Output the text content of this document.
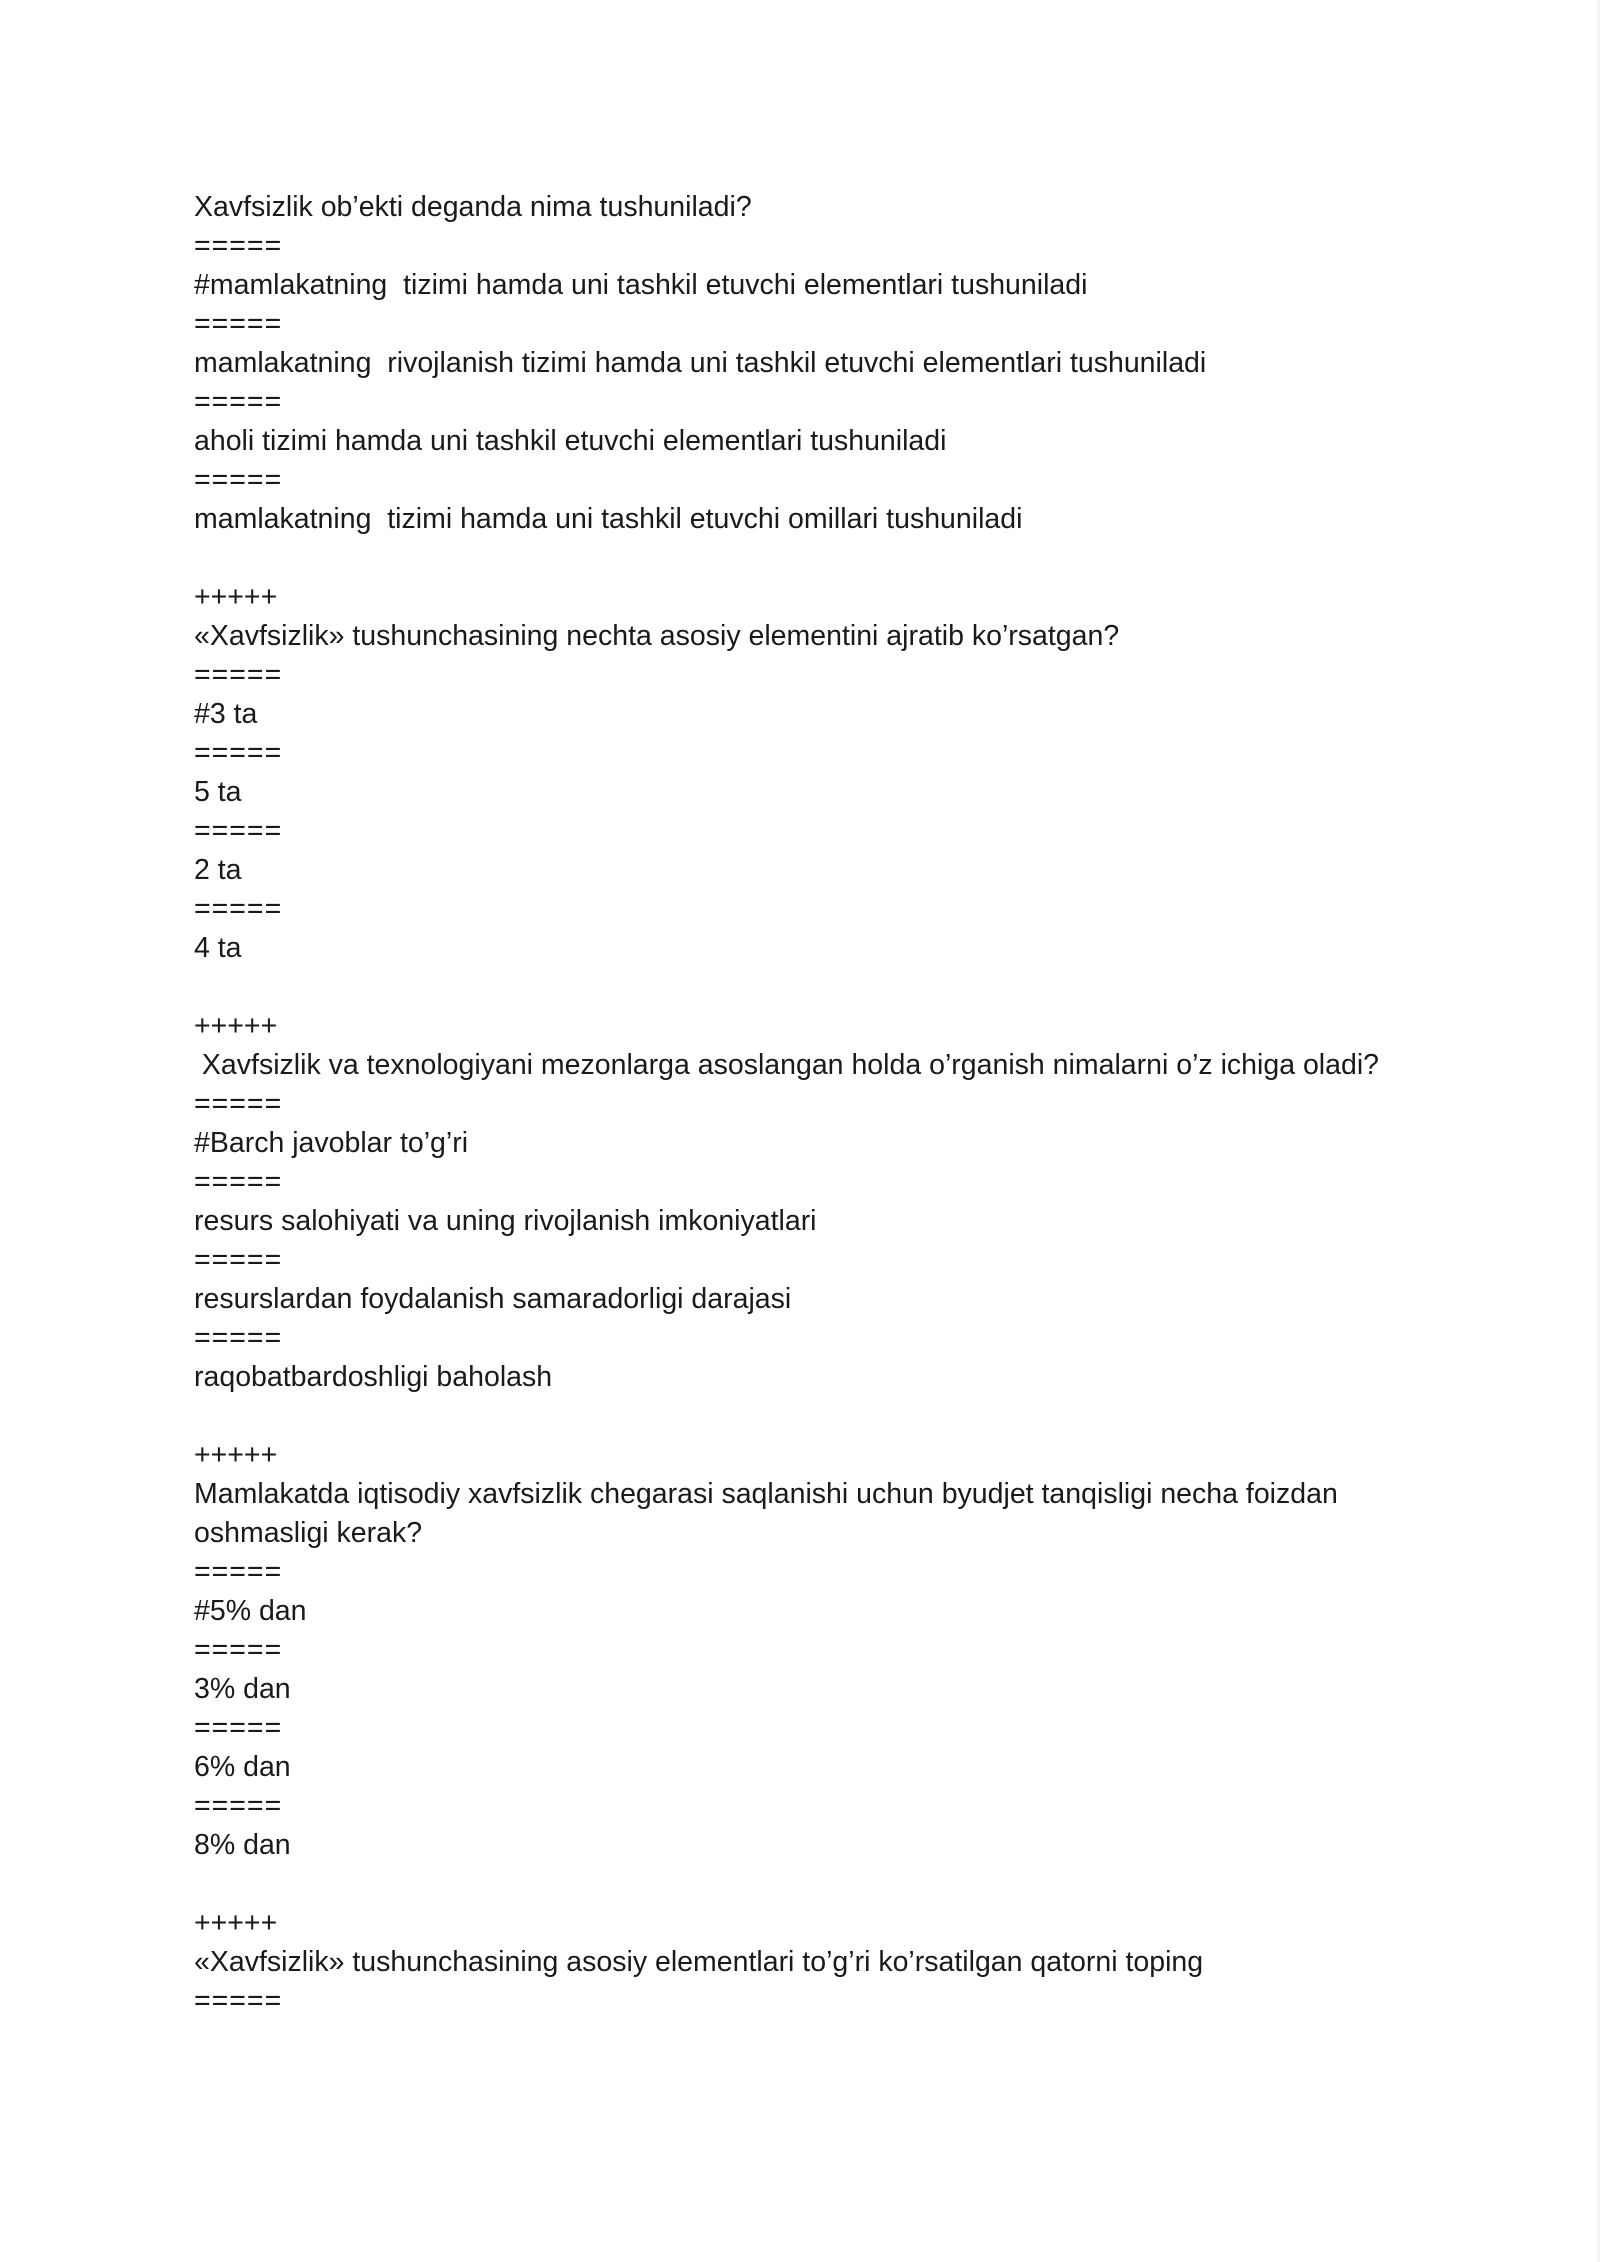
Xavfsizlik ob’ekti deganda nima tushuniladi?

=====

#mamlakatning  tizimi hamda uni tashkil etuvchi elementlari tushuniladi

=====

mamlakatning  rivojlanish tizimi hamda uni tashkil etuvchi elementlari tushuniladi

=====

aholi tizimi hamda uni tashkil etuvchi elementlari tushuniladi

=====

mamlakatning  tizimi hamda uni tashkil etuvchi omillari tushuniladi

+++++

«Xavfsizlik» tushunchasining nechta asosiy elementini ajratib ko’rsatgan?

=====

#3 ta

=====

5 ta

=====

2 ta

=====

4 ta

+++++

Xavfsizlik va texnologiyani mezonlarga asoslangan holda o’rganish nimalarni o’z ichiga oladi?

=====

#Barch javoblar to’g’ri

=====

resurs salohiyati va uning rivojlanish imkoniyatlari

=====

resurslardan foydalanish samaradorligi darajasi

=====

raqobatbardoshligi baholash

+++++

Mamlakatda iqtisodiy xavfsizlik chegarasi saqlanishi uchun byudjet tanqisligi necha foizdan oshmasligi kerak?

=====

#5% dan

=====

3% dan

=====

6% dan

=====

8% dan

+++++

«Xavfsizlik» tushunchasining asosiy elementlari to’g’ri ko’rsatilgan qatorni toping

=====
